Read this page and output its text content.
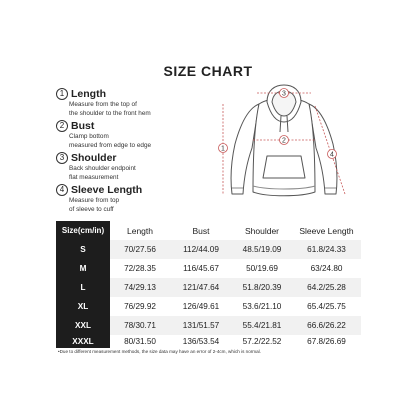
SIZE CHART
1 Length
Measure from the top of
the shoulder to the front hem
2 Bust
Clamp bottom
measured from edge to edge
3 Shoulder
Back shoulder endpoint
flat measurement
4 Sleeve Length
Measure from top
of sleeve to cuff
3
1
2
4
Size(cm/in)	Length	Bust	Shoulder	Sleeve Length
S	70/27.56	112/44.09	48.5/19.09	61.8/24.33
M	72/28.35	116/45.67	50/19.69	63/24.80
L	74/29.13	121/47.64	51.8/20.39	64.2/25.28
XL	76/29.92	126/49.61	53.6/21.10	65.4/25.75
XXL	78/30.71	131/51.57	55.4/21.81	66.6/26.22
XXXL	80/31.50	136/53.54	57.2/22.52	67.8/26.69
•Due to different measurement methods, the size data may have an error of 2-4cm, which is normal.
